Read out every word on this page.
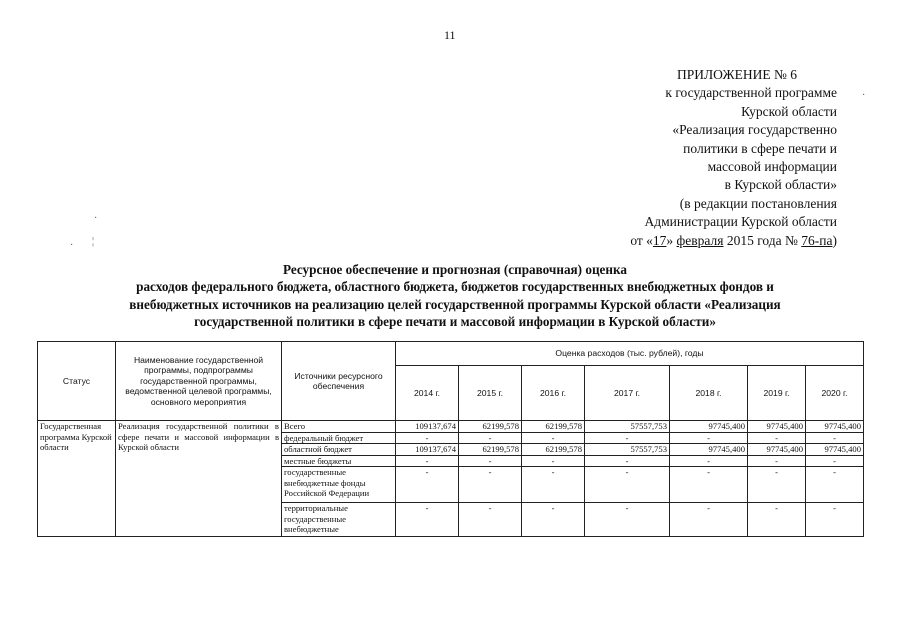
11
ПРИЛОЖЕНИЕ № 6
к государственной программе
Курской области
«Реализация государственно
политики в сфере печати и
массовой информации
в Курской области»
(в редакции постановления
Администрации Курской области
от «17» февраля 2015 года № 76-па)
·
· ¦
·
Ресурсное обеспечение и прогнозная (справочная) оценка
расходов федерального бюджета, областного бюджета, бюджетов государственных внебюджетных фондов и
внебюджетных источников на реализацию целей государственной программы Курской области «Реализация
государственной политики в сфере печати и массовой информации в Курской области»
Статус	Наименование государственной программы, подпрограммы государственной программы, ведомственной целевой программы, основного мероприятия	Источники ресурсного обеспечения	Оценка расходов (тыс. рублей), годы						
			2014 г.	2015 г.	2016 г.	2017 г.	2018 г.	2019 г.	2020 г.
Государственная программа Курской области	Реализация государственной политики в сфере печати и массовой информации в Курской области	Всего	109137,674	62199,578	62199,578	57557,753	97745,400	97745,400	97745,400
		федеральный бюджет	-	-	-	-	-	-	-
		областной бюджет	109137,674	62199,578	62199,578	57557,753	97745,400	97745,400	97745,400
		местные бюджеты	-	-	-	-	-	-	-
		государственные внебюджетные фонды Российской Федерации	-	-	-	-	-	-	-
		территориальные государственные внебюджетные	-	-	-	-	-	-	-
